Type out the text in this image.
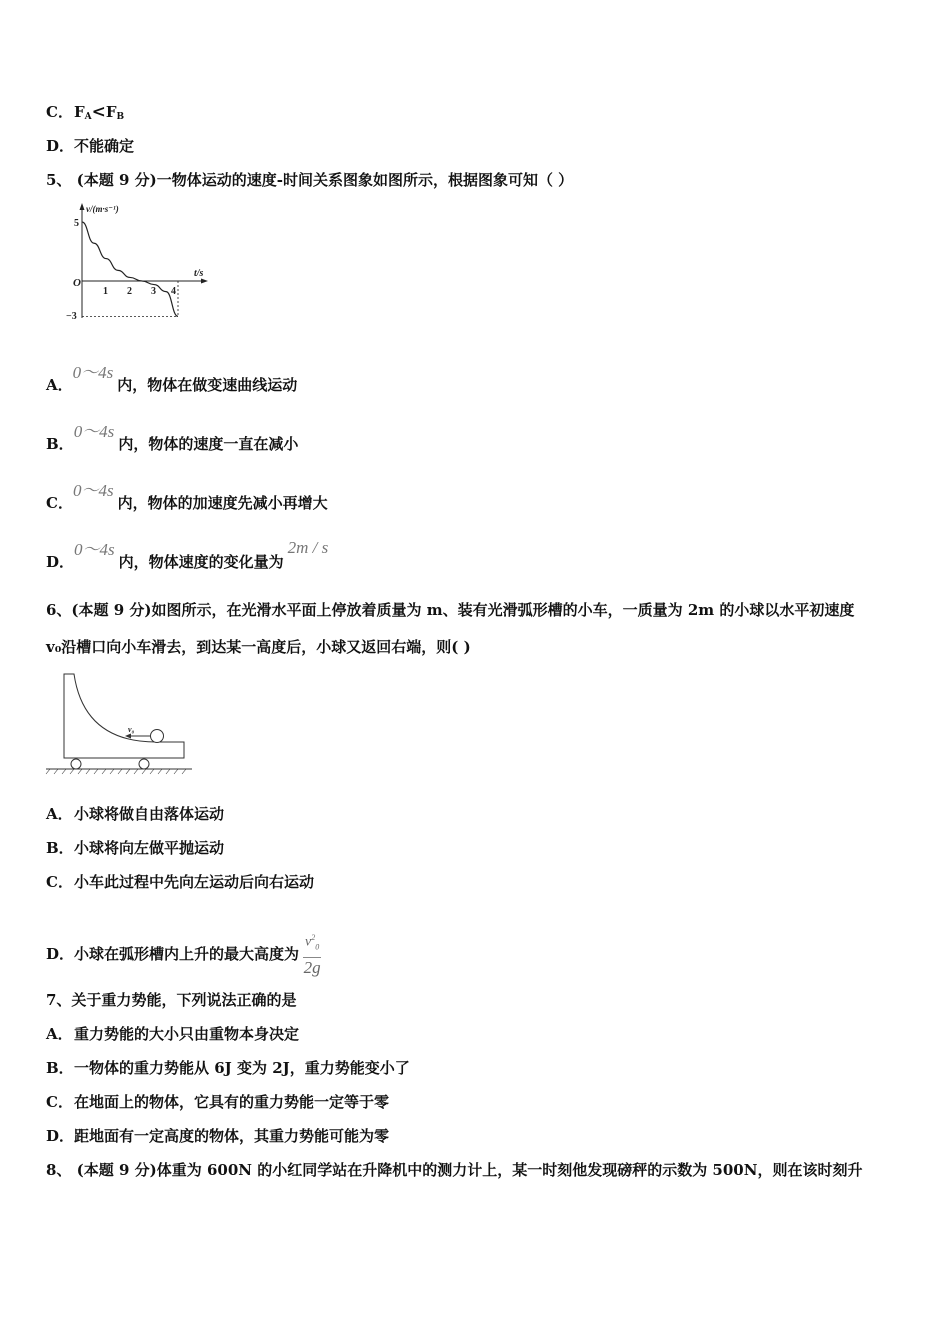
C．$F_A<F_B$
D．不能确定
5、 (本题 9 分)一物体运动的速度-时间关系图象如图所示，根据图象可知（ ）
v/(m·s⁻¹)
t/s
O
1 2 3 4
5
−3
A．0～4s内，物体在做变速曲线运动
B．0～4s内，物体的速度一直在减小
C．0～4s内，物体的加速度先减小再增大
D．0～4s内，物体速度的变化量为2m / s
6、(本题 9 分)如图所示，在光滑水平面上停放着质量为 m、装有光滑弧形槽的小车，一质量为 2m 的小球以水平初速度
v₀沿槽口向小车滑去，到达某一高度后，小球又返回右端，则( )
v₀
A．小球将做自由落体运动
B．小球将向左做平抛运动
C．小车此过程中先向左运动后向右运动
D．小球在弧形槽内上升的最大高度为 $\frac{v^2_0}{2g}$
7、关于重力势能，下列说法正确的是
A．重力势能的大小只由重物本身决定
B．一物体的重力势能从 6J 变为 2J，重力势能变小了
C．在地面上的物体，它具有的重力势能一定等于零
D．距地面有一定高度的物体，其重力势能可能为零
8、 (本题 9 分)体重为 600N 的小红同学站在升降机中的测力计上，某一时刻他发现磅秤的示数为 500N，则在该时刻升
